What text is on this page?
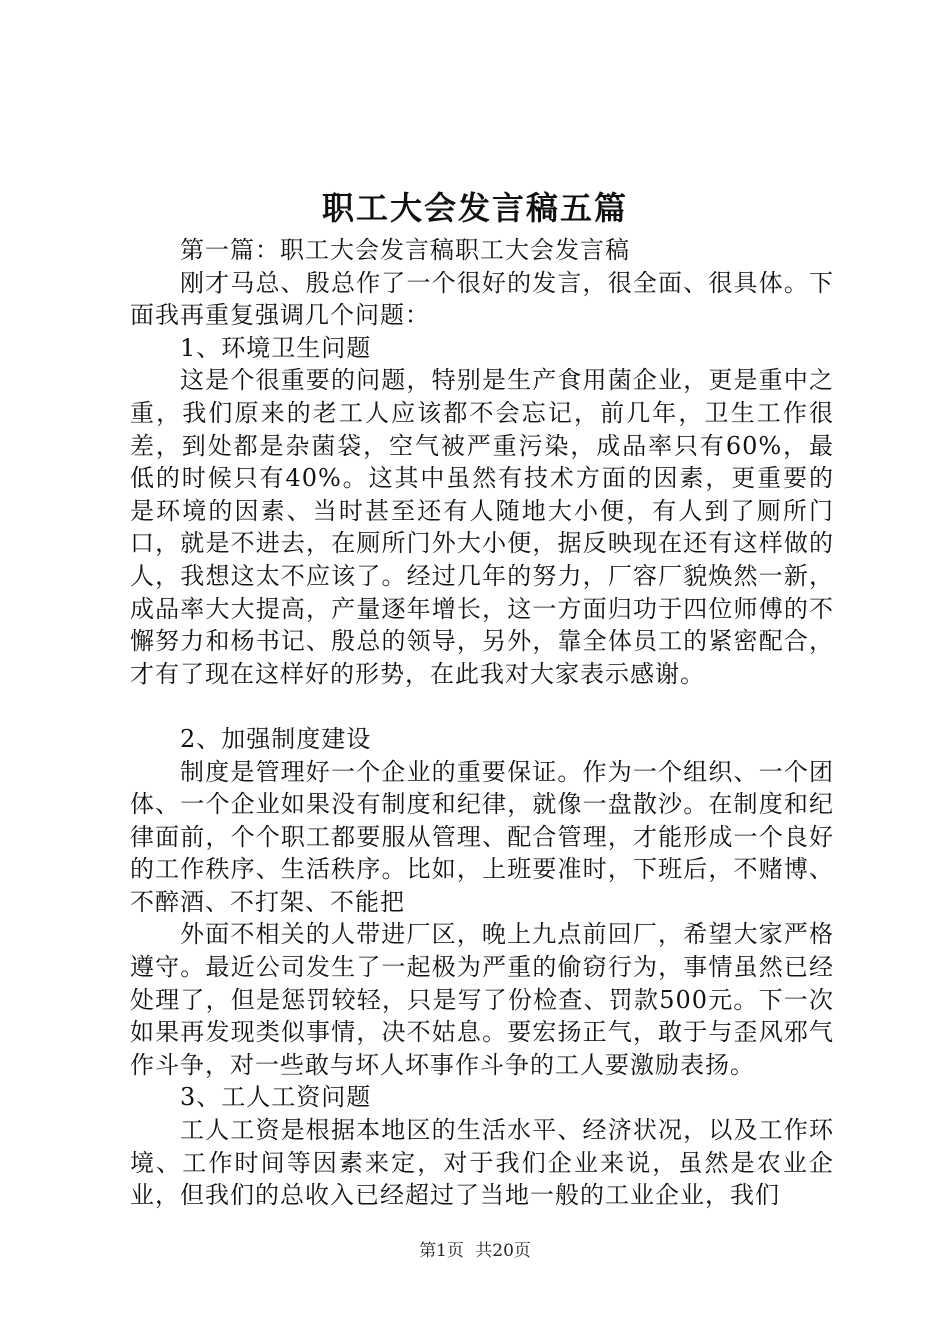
职工大会发言稿五篇

第一篇：职工大会发言稿职工大会发言稿

刚才马总、殷总作了一个很好的发言，很全面、很具体。下面我再重复强调几个问题：

1、环境卫生问题

这是个很重要的问题，特别是生产食用菌企业，更是重中之重，我们原来的老工人应该都不会忘记，前几年，卫生工作很差，到处都是杂菌袋，空气被严重污染，成品率只有60%，最低的时候只有40%。这其中虽然有技术方面的因素，更重要的是环境的因素、当时甚至还有人随地大小便，有人到了厕所门口，就是不进去，在厕所门外大小便，据反映现在还有这样做的人，我想这太不应该了。经过几年的努力，厂容厂貌焕然一新，成品率大大提高，产量逐年增长，这一方面归功于四位师傅的不懈努力和杨书记、殷总的领导，另外，靠全体员工的紧密配合，才有了现在这样好的形势，在此我对大家表示感谢。

2、加强制度建设

制度是管理好一个企业的重要保证。作为一个组织、一个团体、一个企业如果没有制度和纪律，就像一盘散沙。在制度和纪律面前，个个职工都要服从管理、配合管理，才能形成一个良好的工作秩序、生活秩序。比如，上班要准时，下班后，不赌博、不醉酒、不打架、不能把

外面不相关的人带进厂区，晚上九点前回厂，希望大家严格遵守。最近公司发生了一起极为严重的偷窃行为，事情虽然已经处理了，但是惩罚较轻，只是写了份检查、罚款500元。下一次如果再发现类似事情，决不姑息。要宏扬正气，敢于与歪风邪气作斗争，对一些敢与坏人坏事作斗争的工人要激励表扬。

3、工人工资问题

工人工资是根据本地区的生活水平、经济状况，以及工作环境、工作时间等因素来定，对于我们企业来说，虽然是农业企业，但我们的总收入已经超过了当地一般的工业企业，我们

第1页 共20页
